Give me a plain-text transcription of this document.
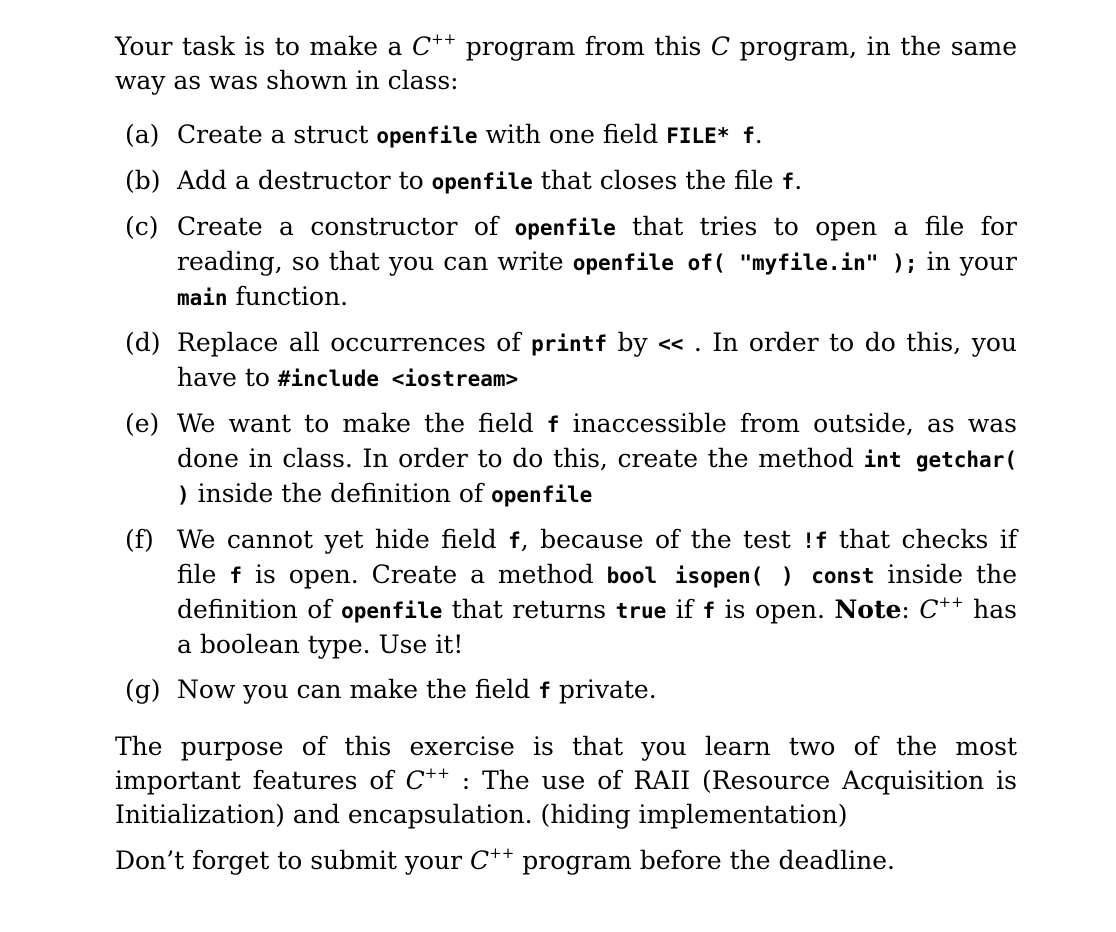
Your task is to make a C++ program from this C program, in the same way as was shown in class:

(a) Create a struct openfile with one field FILE* f.
(b) Add a destructor to openfile that closes the file f.
(c) Create a constructor of openfile that tries to open a file for reading, so that you can write openfile of( "myfile.in" ); in your main function.
(d) Replace all occurrences of printf by << . In order to do this, you have to #include <iostream>
(e) We want to make the field f inaccessible from outside, as was done in class. In order to do this, create the method int getchar( ) inside the definition of openfile
(f) We cannot yet hide field f, because of the test !f that checks if file f is open. Create a method bool isopen( ) const inside the definition of openfile that returns true if f is open. Note: C++ has a boolean type. Use it!
(g) Now you can make the field f private.

The purpose of this exercise is that you learn two of the most important features of C++ : The use of RAII (Resource Acquisition is Initialization) and encapsulation. (hiding implementation)

Don’t forget to submit your C++ program before the deadline.
